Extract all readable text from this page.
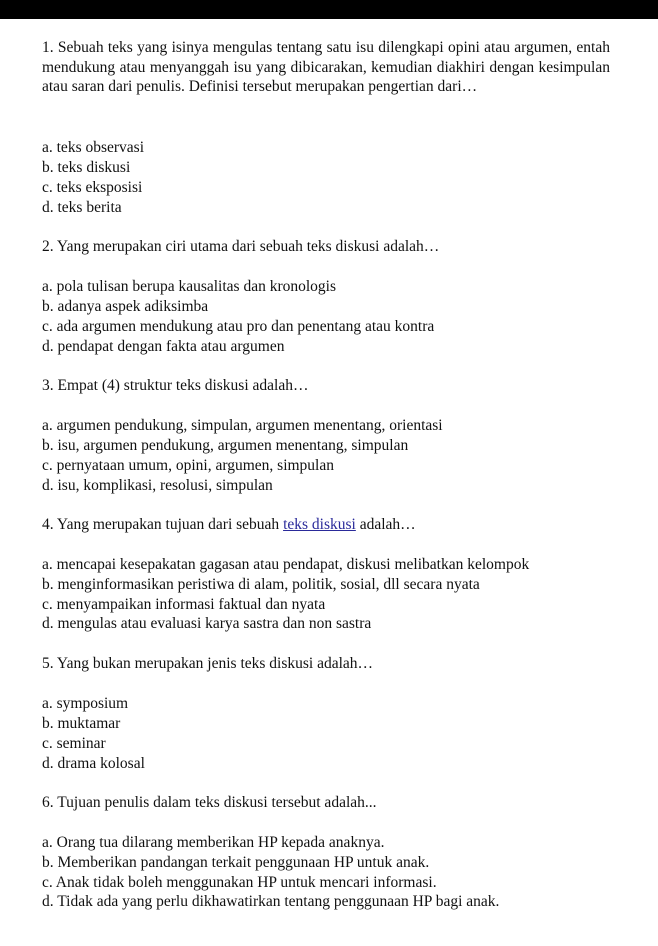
1. Sebuah teks yang isinya mengulas tentang satu isu dilengkapi opini atau argumen, entah mendukung atau menyanggah isu yang dibicarakan, kemudian diakhiri dengan kesimpulan atau saran dari penulis. Definisi tersebut merupakan pengertian dari…
a. teks observasi
b. teks diskusi
c. teks eksposisi
d. teks berita
2. Yang merupakan ciri utama dari sebuah teks diskusi adalah…
a. pola tulisan berupa kausalitas dan kronologis
b. adanya aspek adiksimba
c. ada argumen mendukung atau pro dan penentang atau kontra
d. pendapat dengan fakta atau argumen
3. Empat (4) struktur teks diskusi adalah…
a. argumen pendukung, simpulan, argumen menentang, orientasi
b. isu, argumen pendukung, argumen menentang, simpulan
c. pernyataan umum, opini, argumen, simpulan
d. isu, komplikasi, resolusi, simpulan
4. Yang merupakan tujuan dari sebuah teks diskusi adalah…
a. mencapai kesepakatan gagasan atau pendapat, diskusi melibatkan kelompok
b. menginformasikan peristiwa di alam, politik, sosial, dll secara nyata
c. menyampaikan informasi faktual dan nyata
d. mengulas atau evaluasi karya sastra dan non sastra
5. Yang bukan merupakan jenis teks diskusi adalah…
a. symposium
b. muktamar
c. seminar
d. drama kolosal
6. Tujuan penulis dalam teks diskusi tersebut adalah...
a. Orang tua dilarang memberikan HP kepada anaknya.
b. Memberikan pandangan terkait penggunaan HP untuk anak.
c. Anak tidak boleh menggunakan HP untuk mencari informasi.
d. Tidak ada yang perlu dikhawatirkan tentang penggunaan HP bagi anak.
